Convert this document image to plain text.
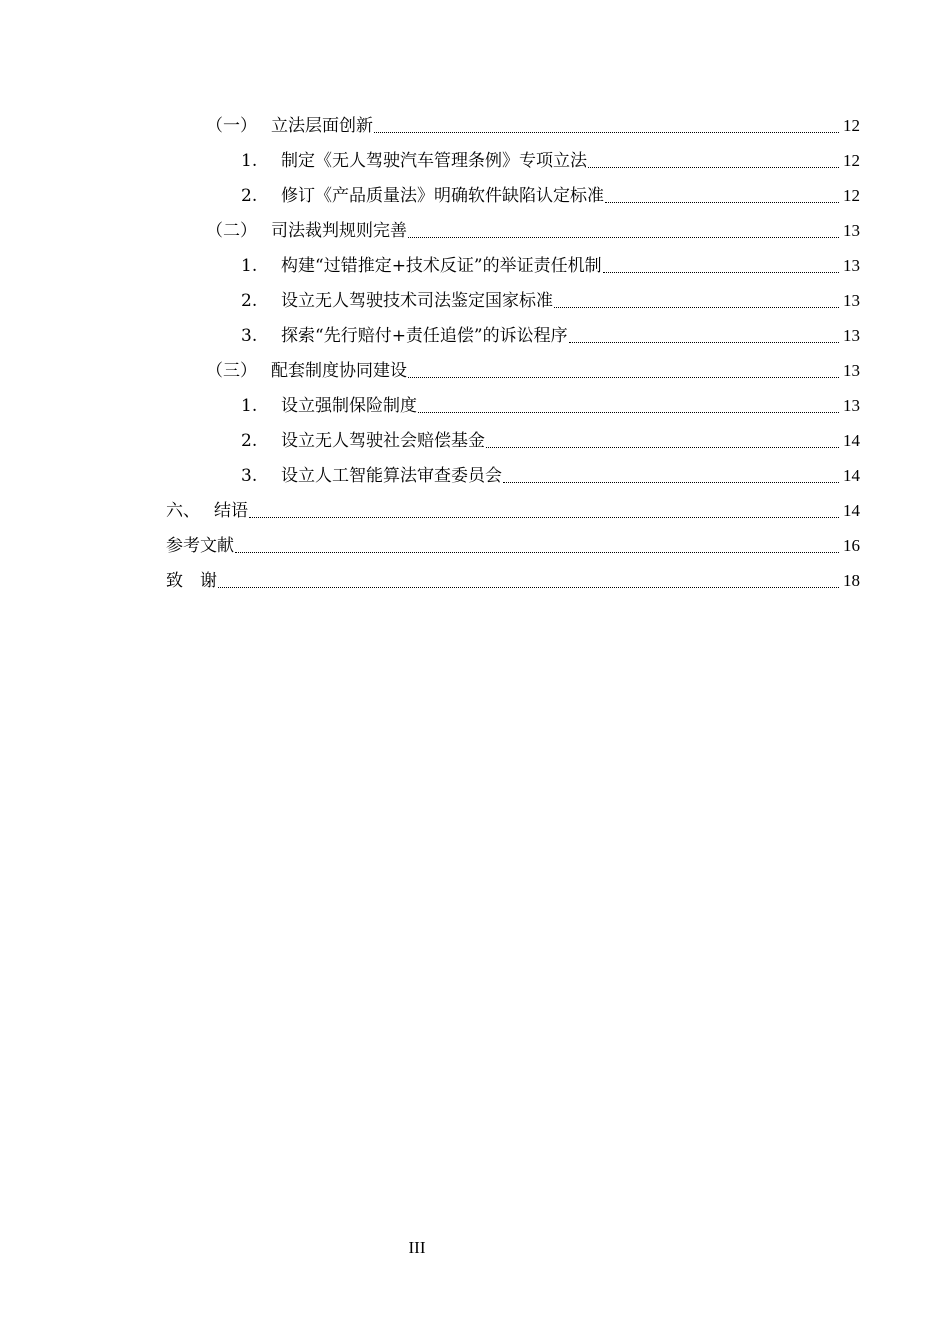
（一） 立法层面创新	12
1.	制定《无人驾驶汽车管理条例》专项立法	12
2.	修订《产品质量法》明确软件缺陷认定标准	12
（二） 司法裁判规则完善	13
1.	构建“过错推定+技术反证”的举证责任机制	13
2.	设立无人驾驶技术司法鉴定国家标准	13
3.	探索“先行赔付+责任追偿”的诉讼程序	13
（三） 配套制度协同建设	13
1.	设立强制保险制度	13
2.	设立无人驾驶社会赔偿基金	14
3.	设立人工智能算法审查委员会	14
六、 结语	14
参考文献	16
致　谢	18
III
